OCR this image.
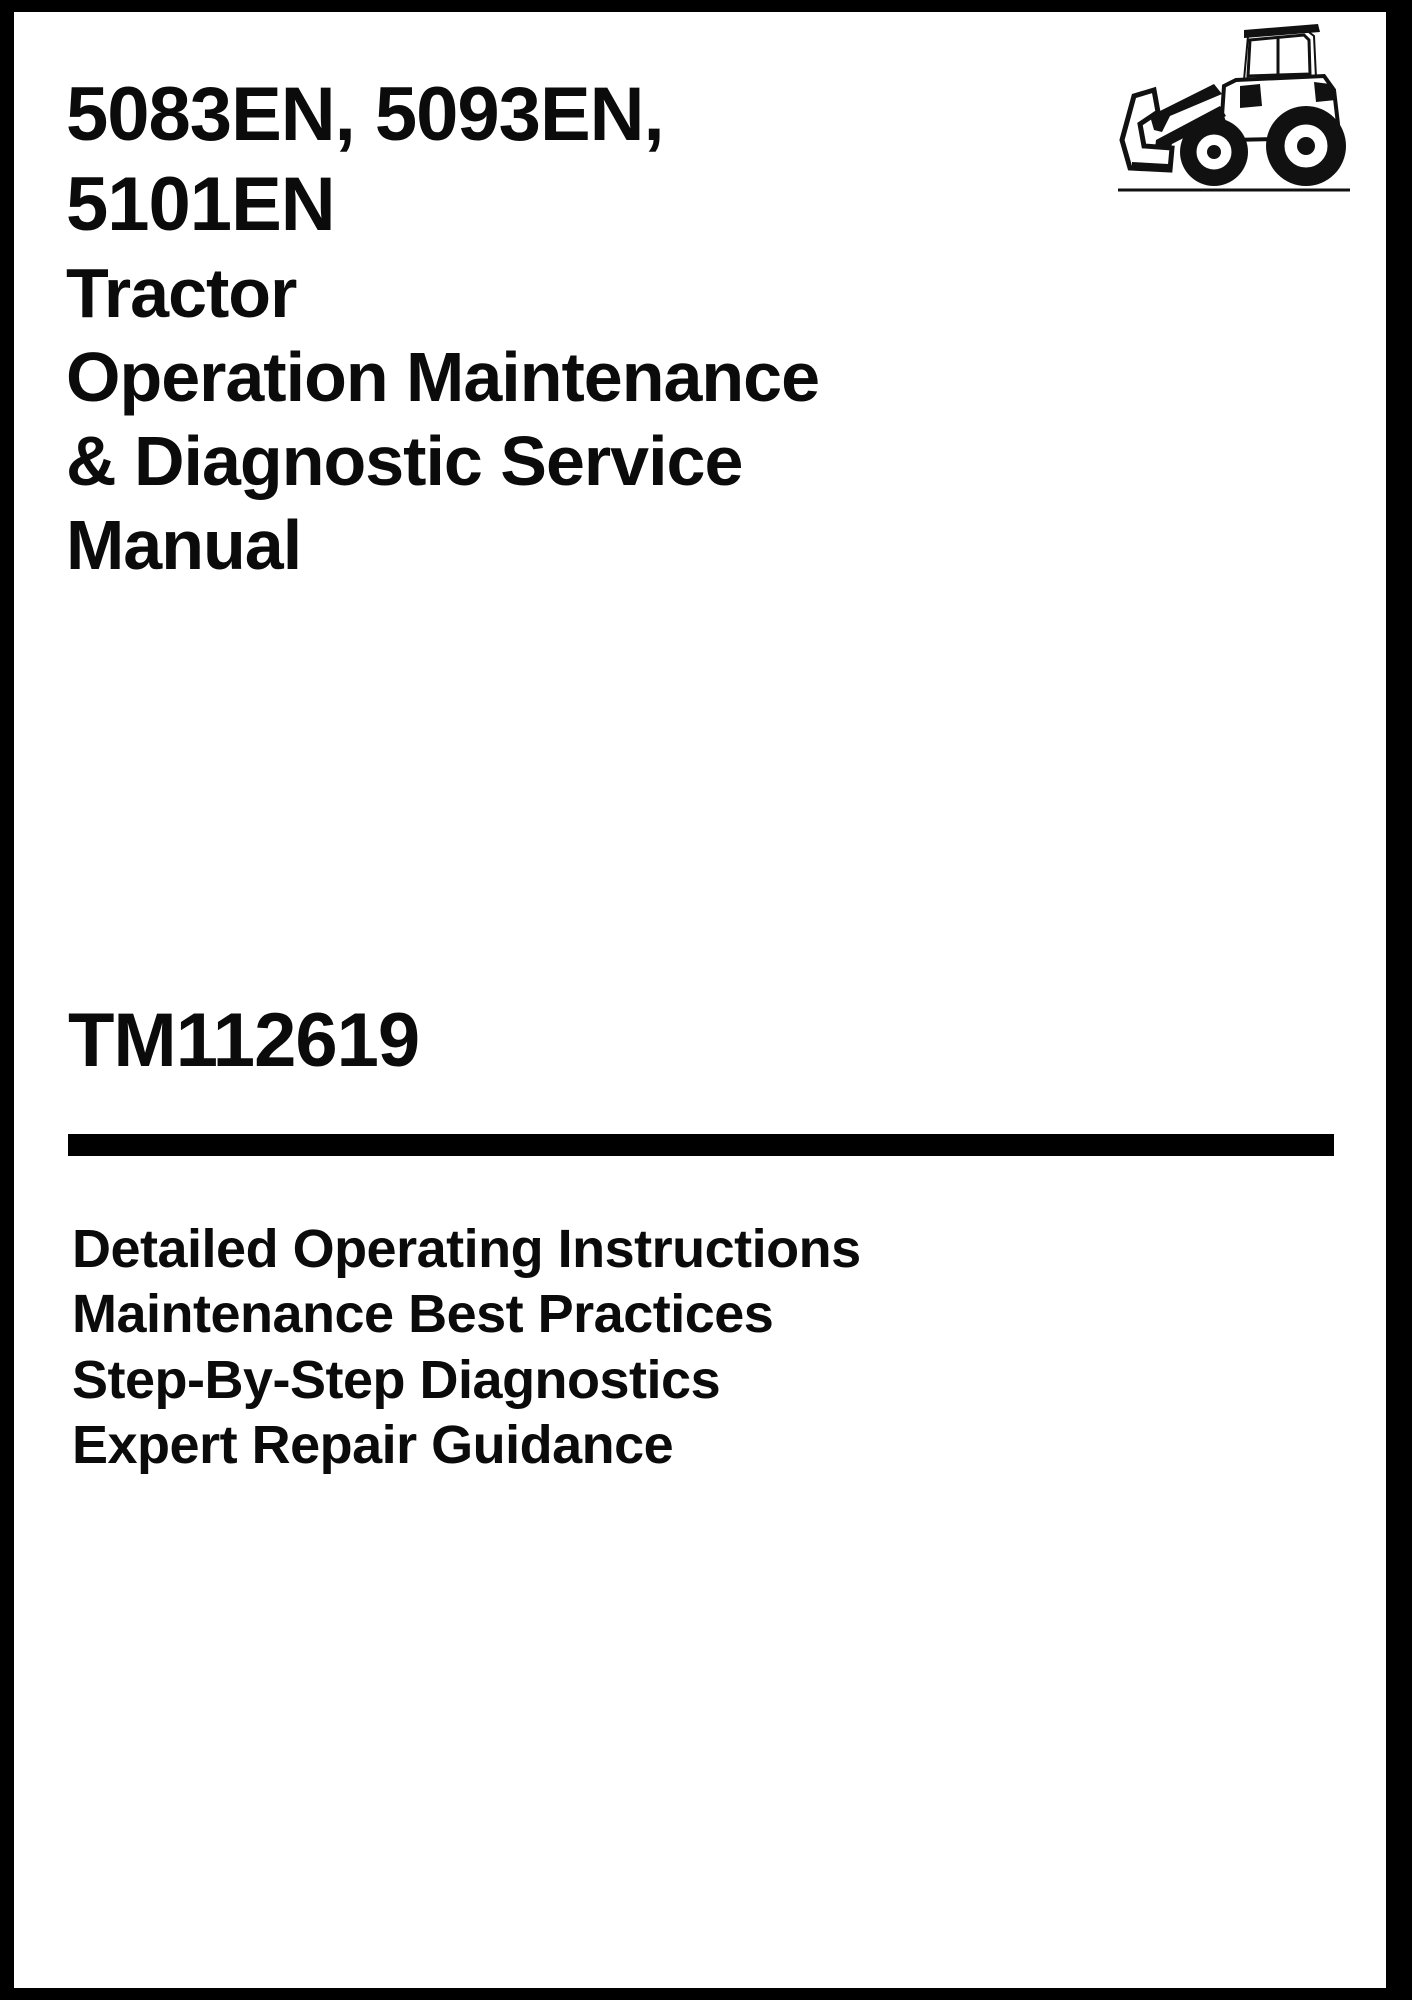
5083EN, 5093EN,
5101EN
Tractor
Operation Maintenance
& Diagnostic Service
Manual
TM112619
Detailed Operating Instructions
Maintenance Best Practices
Step-By-Step Diagnostics
Expert Repair Guidance
